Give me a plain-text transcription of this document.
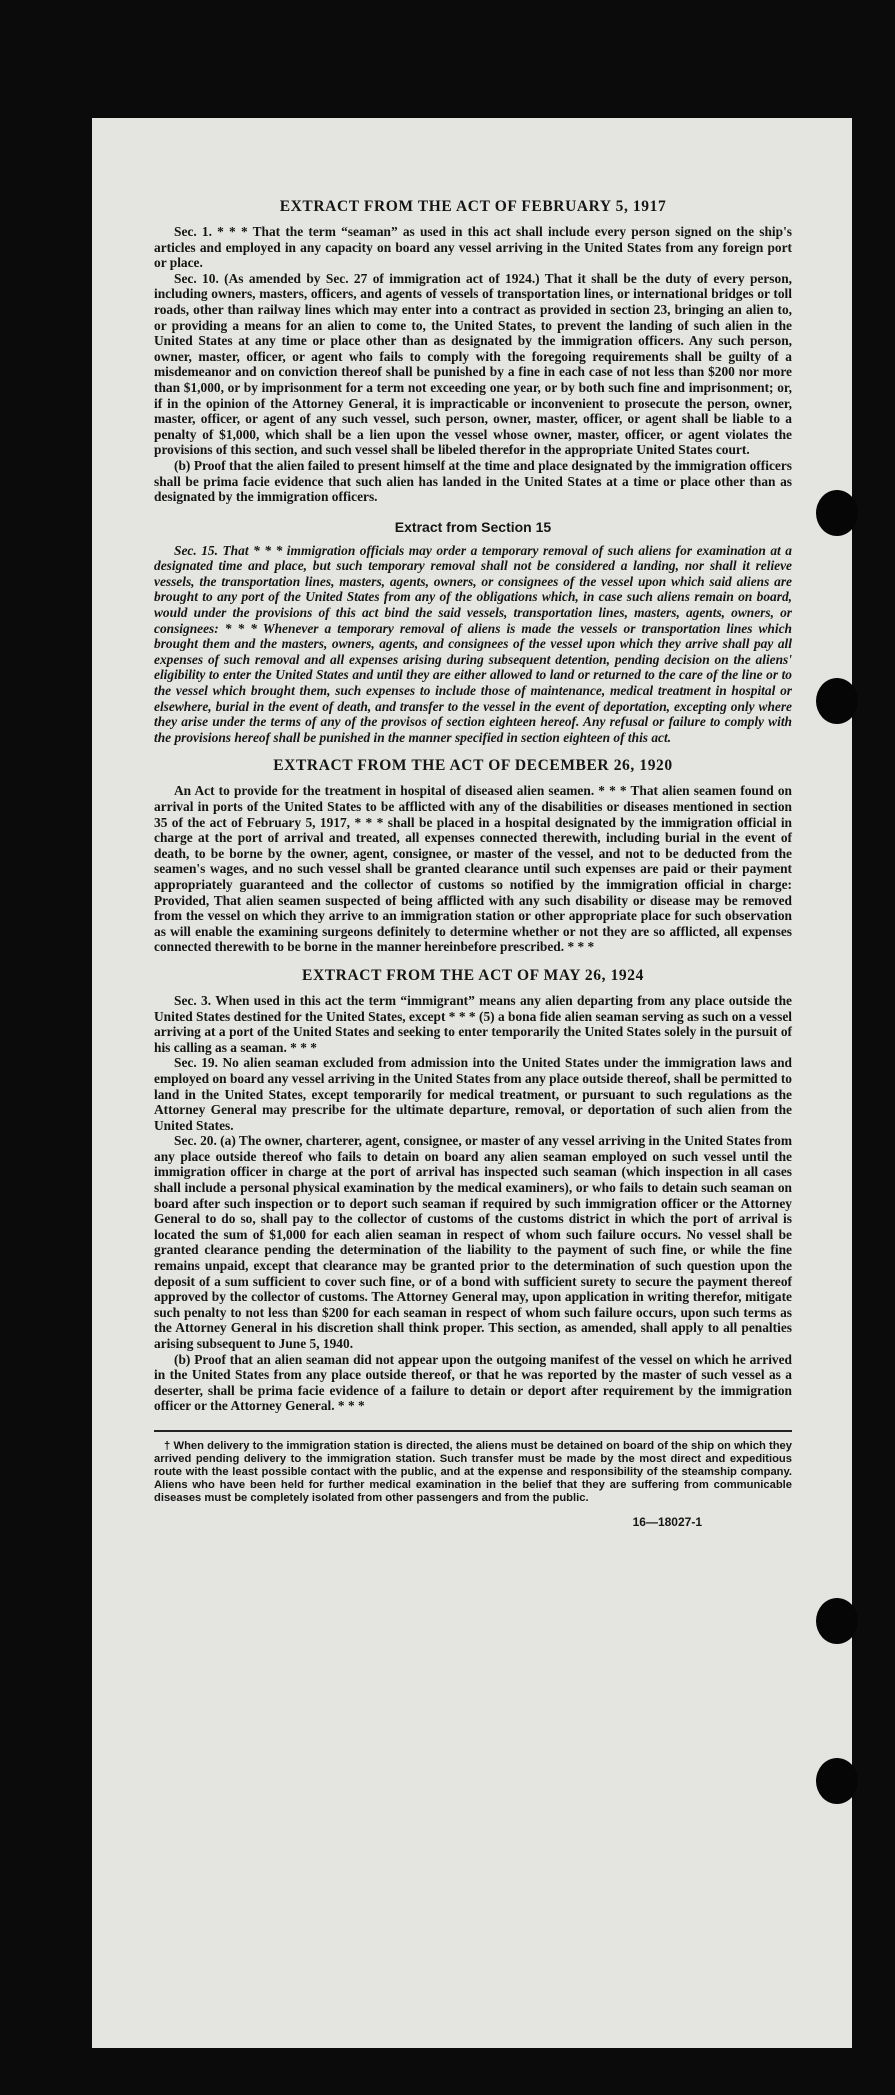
EXTRACT FROM THE ACT OF FEBRUARY 5, 1917

Sec. 1. * * * That the term “seaman” as used in this act shall include every person signed on the ship's articles and employed in any capacity on board any vessel arriving in the United States from any foreign port or place.

Sec. 10. (As amended by Sec. 27 of immigration act of 1924.) That it shall be the duty of every person, including owners, masters, officers, and agents of vessels of transportation lines, or international bridges or toll roads, other than railway lines which may enter into a contract as provided in section 23, bringing an alien to, or providing a means for an alien to come to, the United States, to prevent the landing of such alien in the United States at any time or place other than as designated by the immigration officers. Any such person, owner, master, officer, or agent who fails to comply with the foregoing requirements shall be guilty of a misdemeanor and on conviction thereof shall be punished by a fine in each case of not less than $200 nor more than $1,000, or by imprisonment for a term not exceeding one year, or by both such fine and imprisonment; or, if in the opinion of the Attorney General, it is impracticable or inconvenient to prosecute the person, owner, master, officer, or agent of any such vessel, such person, owner, master, officer, or agent shall be liable to a penalty of $1,000, which shall be a lien upon the vessel whose owner, master, officer, or agent violates the provisions of this section, and such vessel shall be libeled therefor in the appropriate United States court.

(b) Proof that the alien failed to present himself at the time and place designated by the immigration officers shall be prima facie evidence that such alien has landed in the United States at a time or place other than as designated by the immigration officers.

Extract from Section 15

Sec. 15. That * * * immigration officials may order a temporary removal of such aliens for examination at a designated time and place, but such temporary removal shall not be considered a landing, nor shall it relieve vessels, the transportation lines, masters, agents, owners, or consignees of the vessel upon which said aliens are brought to any port of the United States from any of the obligations which, in case such aliens remain on board, would under the provisions of this act bind the said vessels, transportation lines, masters, agents, owners, or consignees: * * * Whenever a temporary removal of aliens is made the vessels or transportation lines which brought them and the masters, owners, agents, and consignees of the vessel upon which they arrive shall pay all expenses of such removal and all expenses arising during subsequent detention, pending decision on the aliens' eligibility to enter the United States and until they are either allowed to land or returned to the care of the line or to the vessel which brought them, such expenses to include those of maintenance, medical treatment in hospital or elsewhere, burial in the event of death, and transfer to the vessel in the event of deportation, excepting only where they arise under the terms of any of the provisos of section eighteen hereof. Any refusal or failure to comply with the provisions hereof shall be punished in the manner specified in section eighteen of this act.

EXTRACT FROM THE ACT OF DECEMBER 26, 1920

An Act to provide for the treatment in hospital of diseased alien seamen. * * * That alien seamen found on arrival in ports of the United States to be afflicted with any of the disabilities or diseases mentioned in section 35 of the act of February 5, 1917, * * * shall be placed in a hospital designated by the immigration official in charge at the port of arrival and treated, all expenses connected therewith, including burial in the event of death, to be borne by the owner, agent, consignee, or master of the vessel, and not to be deducted from the seamen's wages, and no such vessel shall be granted clearance until such expenses are paid or their payment appropriately guaranteed and the collector of customs so notified by the immigration official in charge: Provided, That alien seamen suspected of being afflicted with any such disability or disease may be removed from the vessel on which they arrive to an immigration station or other appropriate place for such observation as will enable the examining surgeons definitely to determine whether or not they are so afflicted, all expenses connected therewith to be borne in the manner hereinbefore prescribed. * * *

EXTRACT FROM THE ACT OF MAY 26, 1924

Sec. 3. When used in this act the term “immigrant” means any alien departing from any place outside the United States destined for the United States, except * * * (5) a bona fide alien seaman serving as such on a vessel arriving at a port of the United States and seeking to enter temporarily the United States solely in the pursuit of his calling as a seaman. * * *

Sec. 19. No alien seaman excluded from admission into the United States under the immigration laws and employed on board any vessel arriving in the United States from any place outside thereof, shall be permitted to land in the United States, except temporarily for medical treatment, or pursuant to such regulations as the Attorney General may prescribe for the ultimate departure, removal, or deportation of such alien from the United States.

Sec. 20. (a) The owner, charterer, agent, consignee, or master of any vessel arriving in the United States from any place outside thereof who fails to detain on board any alien seaman employed on such vessel until the immigration officer in charge at the port of arrival has inspected such seaman (which inspection in all cases shall include a personal physical examination by the medical examiners), or who fails to detain such seaman on board after such inspection or to deport such seaman if required by such immigration officer or the Attorney General to do so, shall pay to the collector of customs of the customs district in which the port of arrival is located the sum of $1,000 for each alien seaman in respect of whom such failure occurs. No vessel shall be granted clearance pending the determination of the liability to the payment of such fine, or while the fine remains unpaid, except that clearance may be granted prior to the determination of such question upon the deposit of a sum sufficient to cover such fine, or of a bond with sufficient surety to secure the payment thereof approved by the collector of customs. The Attorney General may, upon application in writing therefor, mitigate such penalty to not less than $200 for each seaman in respect of whom such failure occurs, upon such terms as the Attorney General in his discretion shall think proper. This section, as amended, shall apply to all penalties arising subsequent to June 5, 1940.

(b) Proof that an alien seaman did not appear upon the outgoing manifest of the vessel on which he arrived in the United States from any place outside thereof, or that he was reported by the master of such vessel as a deserter, shall be prima facie evidence of a failure to detain or deport after requirement by the immigration officer or the Attorney General. * * *

† When delivery to the immigration station is directed, the aliens must be detained on board of the ship on which they arrived pending delivery to the immigration station. Such transfer must be made by the most direct and expeditious route with the least possible contact with the public, and at the expense and responsibility of the steamship company. Aliens who have been held for further medical examination in the belief that they are suffering from communicable diseases must be completely isolated from other passengers and from the public.

16—18027-1
